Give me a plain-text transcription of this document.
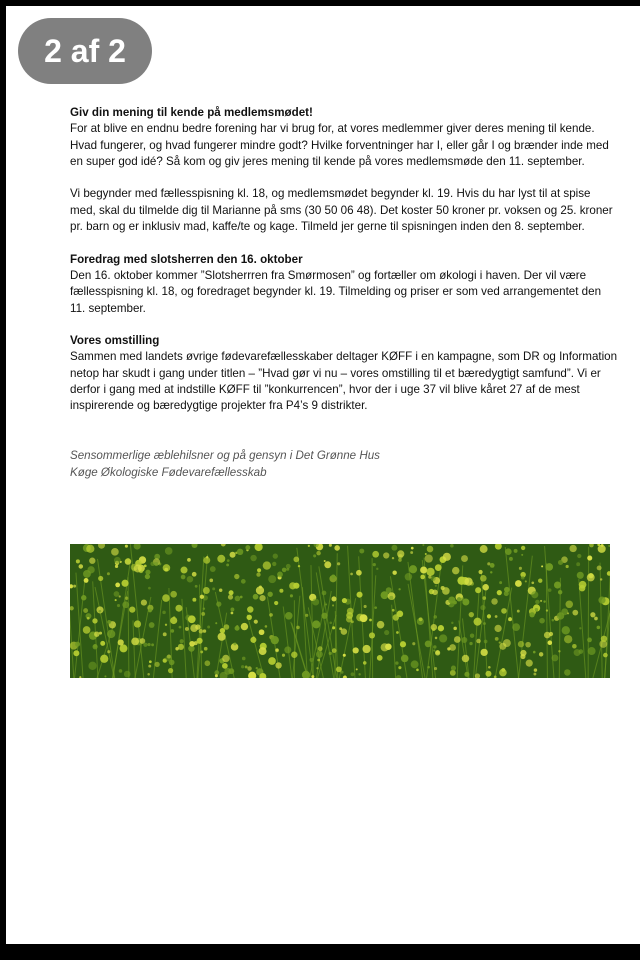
2 af 2
Giv din mening til kende på medlemsmødet!
For at blive en endnu bedre forening har vi brug for, at vores medlemmer giver deres mening til kende. Hvad fungerer, og hvad fungerer mindre godt? Hvilke forventninger har I, eller går I og brænder inde med en super god idé? Så kom og giv jeres mening til kende på vores medlemsmøde den 11. september.
Vi begynder med fællesspisning kl. 18, og medlemsmødet begynder kl. 19. Hvis du har lyst til at spise med, skal du tilmelde dig til Marianne på sms (30 50 06 48). Det koster 50 kroner pr. voksen og 25. kroner pr. barn og er inklusiv mad, kaffe/te og kage. Tilmeld jer gerne til spisningen inden den 8. september.
Foredrag med slotsherren den 16. oktober
Den 16. oktober kommer ”Slotsherrren fra Smørmosen” og fortæller om økologi i haven. Der vil være fællesspisning kl. 18, og foredraget begynder kl. 19. Tilmelding og priser er som ved arrangementet den 11. september.
Vores omstilling
Sammen med landets øvrige fødevarefællesskaber deltager KØFF i en kampagne, som DR og Information netop har skudt i gang under titlen – ”Hvad gør vi nu – vores omstilling til et bæredygtigt samfund”. Vi er derfor i gang med at indstille KØFF til ”konkurrencen”, hvor der i uge 37 vil blive kåret 27 af de mest inspirerende og bæredygtige projekter fra P4’s 9 distrikter.
Sensommerlige æblehilsner og på gensyn i Det Grønne Hus
Køge Økologiske Fødevarefællesskab
